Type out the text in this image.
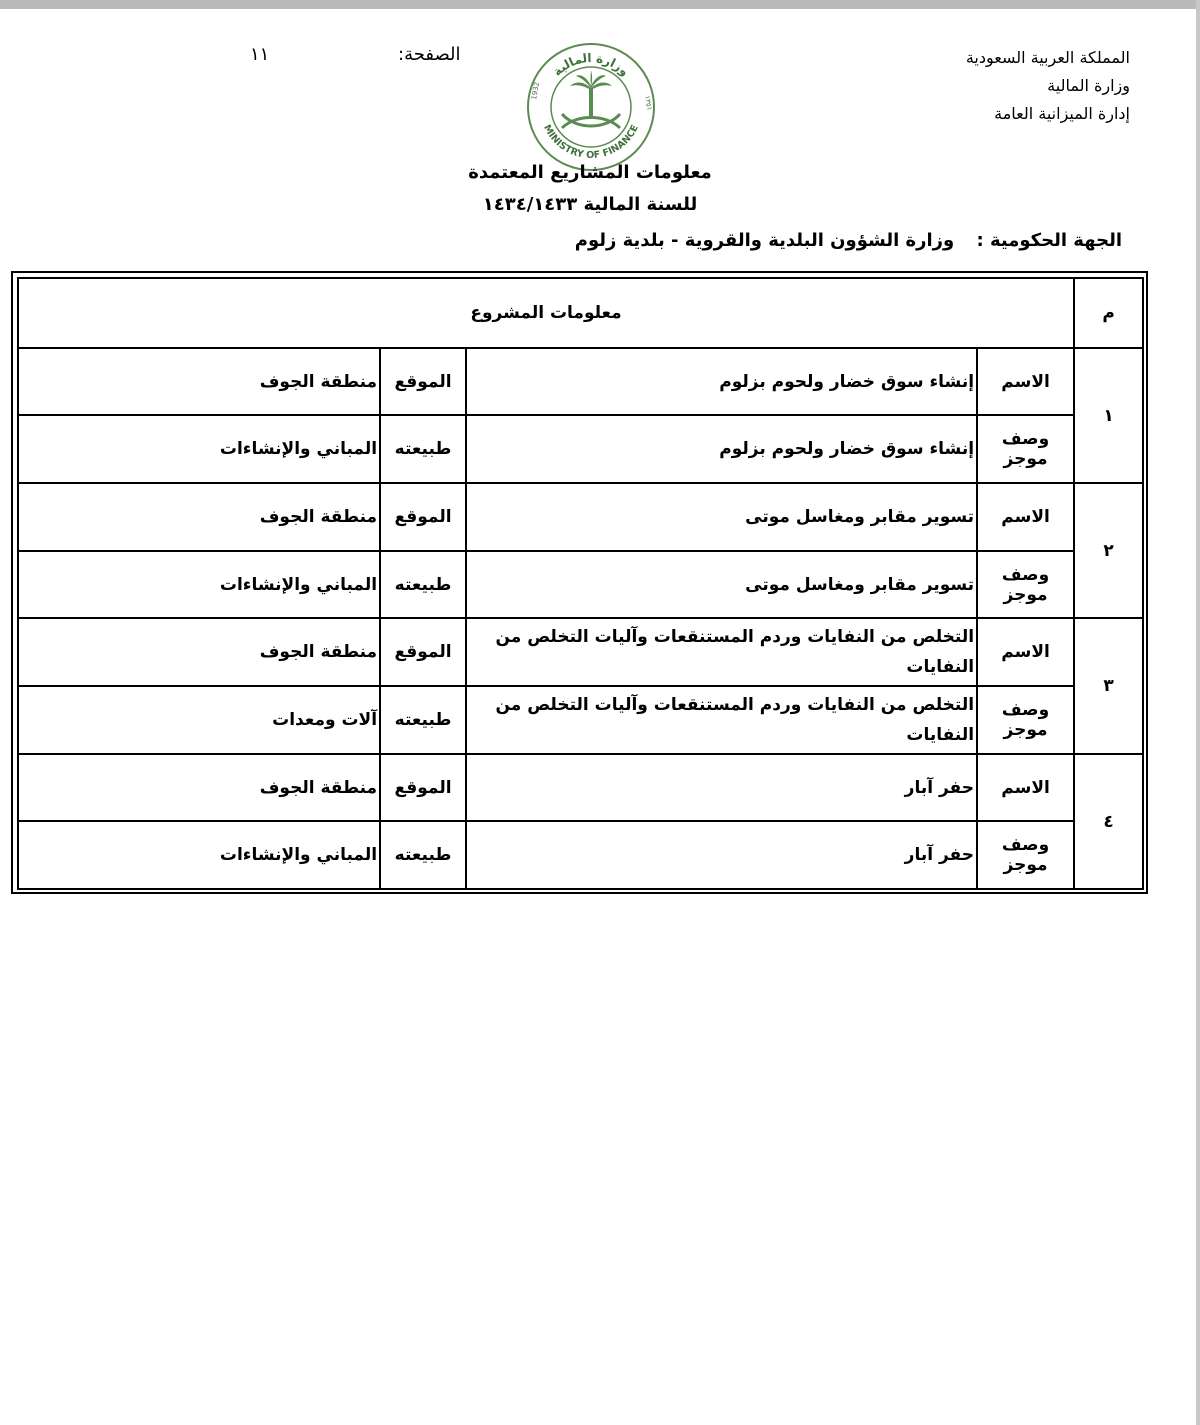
المملكة العربية السعودية
وزارة المالية
إدارة الميزانية العامة
الصفحة:
١١
وزارة المالية
MINISTRY OF FINANCE
1932
١٣٥١
معلومات المشاريع المعتمدة
للسنة المالية ١٤٣٤/١٤٣٣
الجهة الحكومية : وزارة الشؤون البلدية والقروية - بلدية زلوم
م	معلومات المشروع			
١	الاسم	إنشاء سوق خضار ولحوم بزلوم	الموقع	منطقة الجوف
	وصف موجز	إنشاء سوق خضار ولحوم بزلوم	طبيعته	المباني والإنشاءات
٢	الاسم	تسوير مقابر ومغاسل موتى	الموقع	منطقة الجوف
	وصف موجز	تسوير مقابر ومغاسل موتى	طبيعته	المباني والإنشاءات
٣	الاسم	التخلص من النفايات وردم المستنقعات وآليات التخلص من النفايات	الموقع	منطقة الجوف
	وصف موجز	التخلص من النفايات وردم المستنقعات وآليات التخلص من النفايات	طبيعته	آلات ومعدات
٤	الاسم	حفر آبار	الموقع	منطقة الجوف
	وصف موجز	حفر آبار	طبيعته	المباني والإنشاءات
